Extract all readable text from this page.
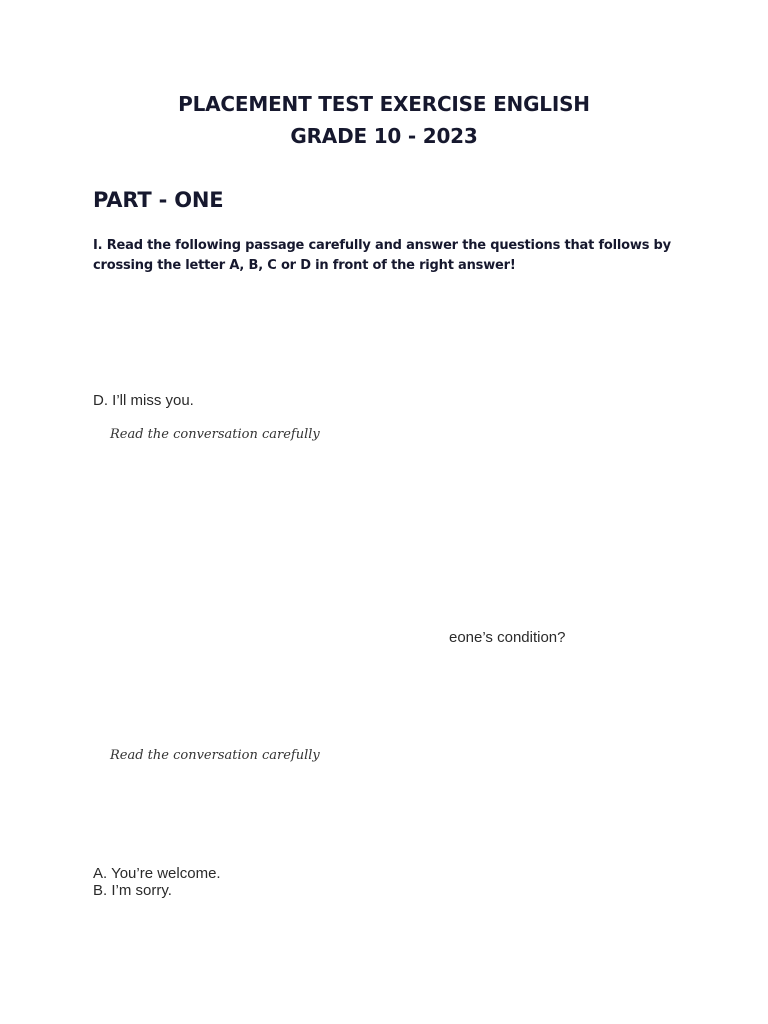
PLACEMENT TEST EXERCISE ENGLISH
GRADE 10 - 2023
PART - ONE

I. Read the following passage carefully and answer the questions that follows by crossing the letter A, B, C or D in front of the right answer!

D. I’ll miss you.

Read the conversation carefully

eone’s condition?

Read the conversation carefully

A. You’re welcome.

B. I’m sorry.
